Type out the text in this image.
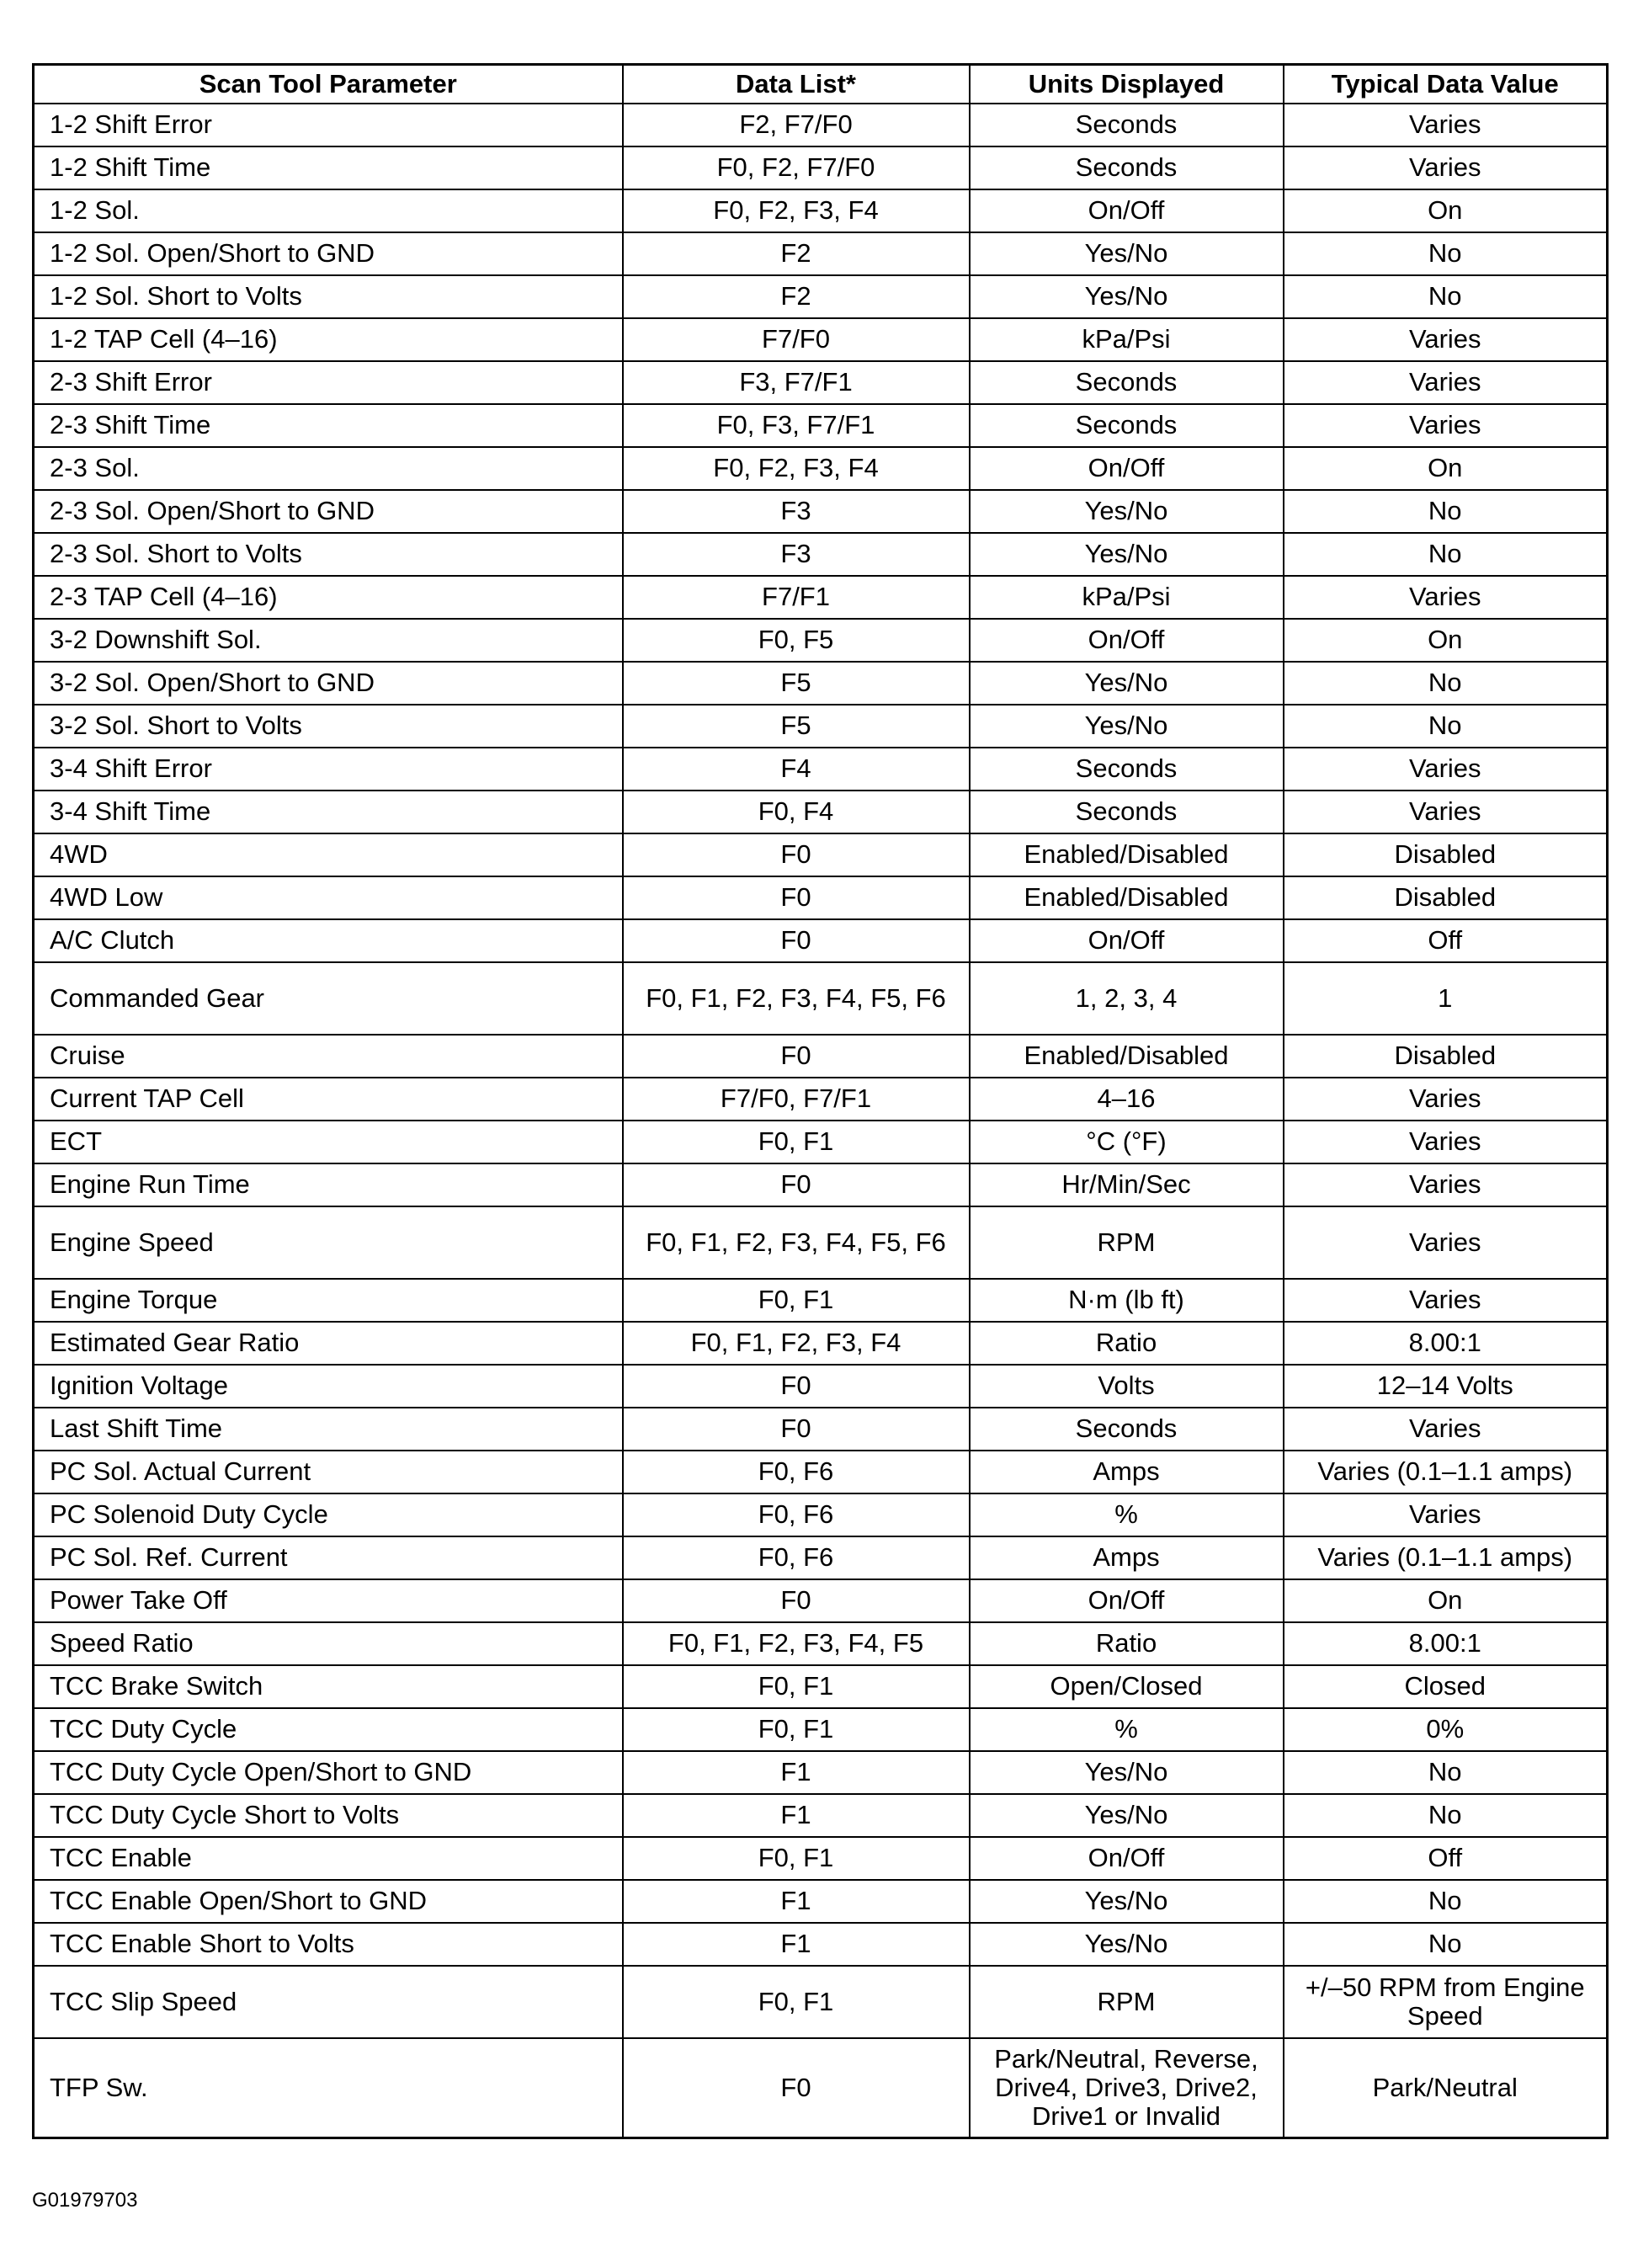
Scan Tool Parameter	Data List*	Units Displayed	Typical Data Value
1-2 Shift Error	F2, F7/F0	Seconds	Varies
1-2 Shift Time	F0, F2, F7/F0	Seconds	Varies
1-2 Sol.	F0, F2, F3, F4	On/Off	On
1-2 Sol. Open/Short to GND	F2	Yes/No	No
1-2 Sol. Short to Volts	F2	Yes/No	No
1-2 TAP Cell (4–16)	F7/F0	kPa/Psi	Varies
2-3 Shift Error	F3, F7/F1	Seconds	Varies
2-3 Shift Time	F0, F3, F7/F1	Seconds	Varies
2-3 Sol.	F0, F2, F3, F4	On/Off	On
2-3 Sol. Open/Short to GND	F3	Yes/No	No
2-3 Sol. Short to Volts	F3	Yes/No	No
2-3 TAP Cell (4–16)	F7/F1	kPa/Psi	Varies
3-2 Downshift Sol.	F0, F5	On/Off	On
3-2 Sol. Open/Short to GND	F5	Yes/No	No
3-2 Sol. Short to Volts	F5	Yes/No	No
3-4 Shift Error	F4	Seconds	Varies
3-4 Shift Time	F0, F4	Seconds	Varies
4WD	F0	Enabled/Disabled	Disabled
4WD Low	F0	Enabled/Disabled	Disabled
A/C Clutch	F0	On/Off	Off
Commanded Gear	F0, F1, F2, F3, F4, F5, F6	1, 2, 3, 4	1
Cruise	F0	Enabled/Disabled	Disabled
Current TAP Cell	F7/F0, F7/F1	4–16	Varies
ECT	F0, F1	°C (°F)	Varies
Engine Run Time	F0	Hr/Min/Sec	Varies
Engine Speed	F0, F1, F2, F3, F4, F5, F6	RPM	Varies
Engine Torque	F0, F1	N·m (lb ft)	Varies
Estimated Gear Ratio	F0, F1, F2, F3, F4	Ratio	8.00:1
Ignition Voltage	F0	Volts	12–14 Volts
Last Shift Time	F0	Seconds	Varies
PC Sol. Actual Current	F0, F6	Amps	Varies (0.1–1.1 amps)
PC Solenoid Duty Cycle	F0, F6	%	Varies
PC Sol. Ref. Current	F0, F6	Amps	Varies (0.1–1.1 amps)
Power Take Off	F0	On/Off	On
Speed Ratio	F0, F1, F2, F3, F4, F5	Ratio	8.00:1
TCC Brake Switch	F0, F1	Open/Closed	Closed
TCC Duty Cycle	F0, F1	%	0%
TCC Duty Cycle Open/Short to GND	F1	Yes/No	No
TCC Duty Cycle Short to Volts	F1	Yes/No	No
TCC Enable	F0, F1	On/Off	Off
TCC Enable Open/Short to GND	F1	Yes/No	No
TCC Enable Short to Volts	F1	Yes/No	No
TCC Slip Speed	F0, F1	RPM	+/–50 RPM from Engine Speed
TFP Sw.	F0	Park/Neutral, Reverse, Drive4, Drive3, Drive2, Drive1 or Invalid	Park/Neutral
G01979703
